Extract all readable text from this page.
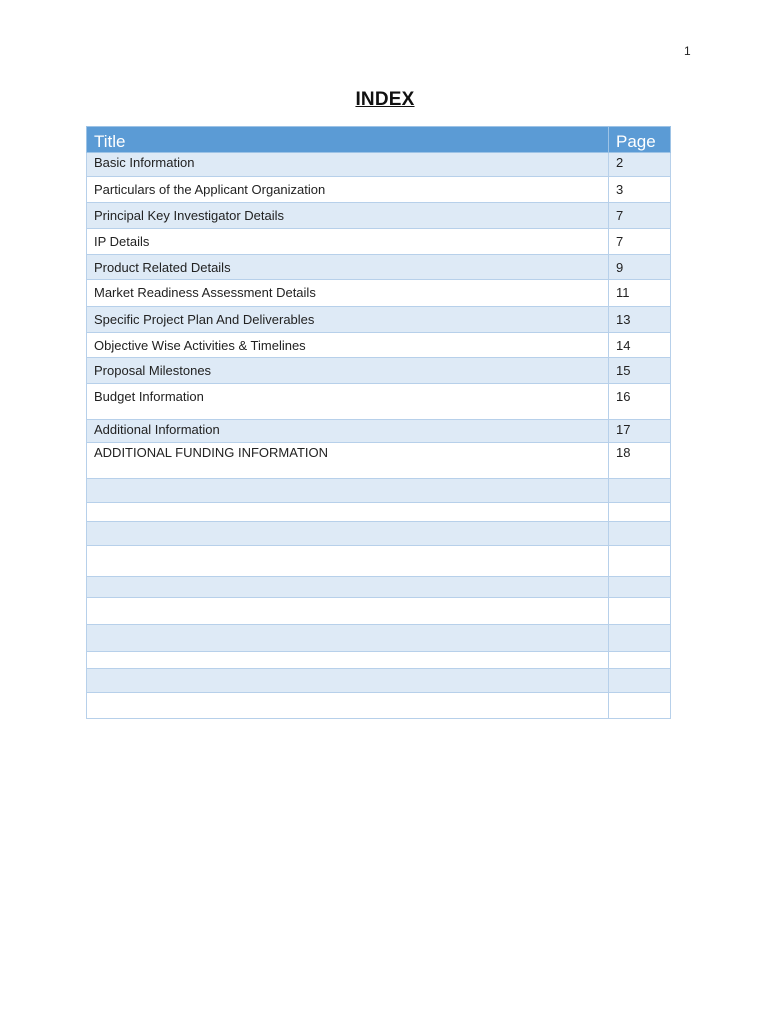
1
INDEX
Title	Page
Basic Information	2
Particulars of the Applicant Organization	3
Principal Key Investigator Details	7
IP Details	7
Product Related Details	9
Market Readiness Assessment Details	11
Specific Project Plan And Deliverables	13
Objective Wise Activities & Timelines	14
Proposal Milestones	15
Budget Information	16
Additional Information	17
ADDITIONAL FUNDING INFORMATION	18
